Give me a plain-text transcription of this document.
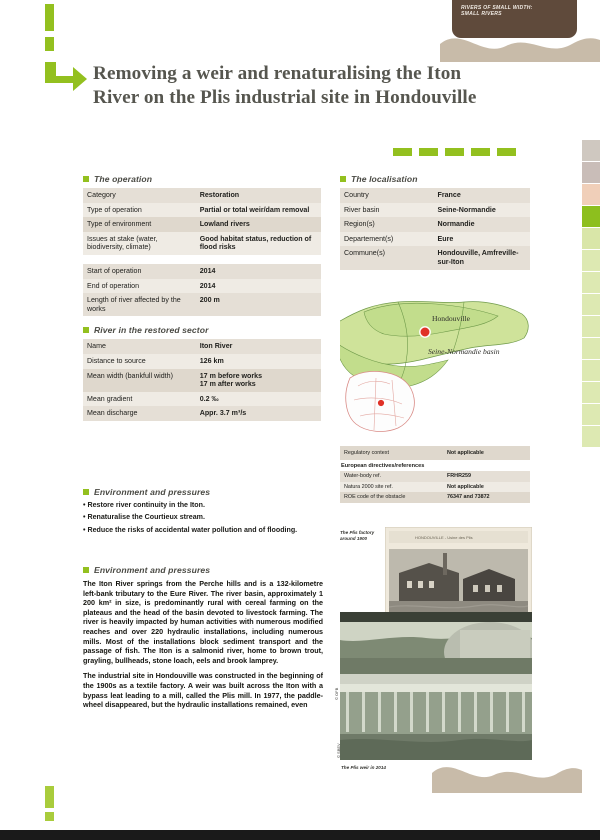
RIVERS OF SMALL WIDTH:
SMALL RIVERS
Removing a weir and renaturalising the Iton River on the Plis industrial site in Hondouville
The operation
Category	Restoration
Type of operation	Partial or total weir/dam removal
Type of environment	Lowland rivers
Issues at stake (water, biodiversity, climate)	Good habitat status, reduction of flood risks
Start of operation	2014
End of operation	2014
Length of river affected by the works	200 m
River in the restored sector
Name	Iton River
Distance to source	126 km
Mean width (bankfull width)	17 m before works
17 m after works
Mean gradient	0.2 ‰
Mean discharge	Appr. 3.7 m³/s
Environment and pressures

• Restore river continuity in the Iton.

• Renaturalise the Courtieux stream.

• Reduce the risks of accidental water pollution and of flooding.

Environment and pressures

The Iton River springs from the Perche hills and is a 132-kilometre left-bank tributary to the Eure River. The river basin, approximately 1 200 km² in size, is predominantly rural with cereal farming on the plateaus and the head of the basin devoted to livestock farming. The river is heavily impacted by human activities with numerous modified reaches and over 220 hydraulic installations, including numerous mills. Most of the installations block sediment transport and the passage of fish. The Iton is a salmonid river, home to brown trout, grayling, bullheads, stone loach, eels and brook lamprey.

The industrial site in Hondouville was constructed in the beginning of the 1900s as a textile factory. A weir was built across the Iton with a bypass leat leading to a mill, called the Plis mill. In 1977, the paddle-wheel disappeared, but the hydraulic installations remained, even

The localisation
Country	France
River basin	Seine-Normandie
Region(s)	Normandie
Departement(s)	Eure
Commune(s)	Hondouville, Amfreville-sur-Iton
Hondouville
Seine-Normandie basin
Regulatory context	Not applicable
European directives/references
Water-body ref.	FRHR259
Natura 2000 site ref.	Not applicable
ROE code of the obstacle	76347 and 73872
HONDOUVILLE - Usine des Plis
The Plis factory around 1900
© OFB
The Plis weir in 2014
© SBEV
onema
france
